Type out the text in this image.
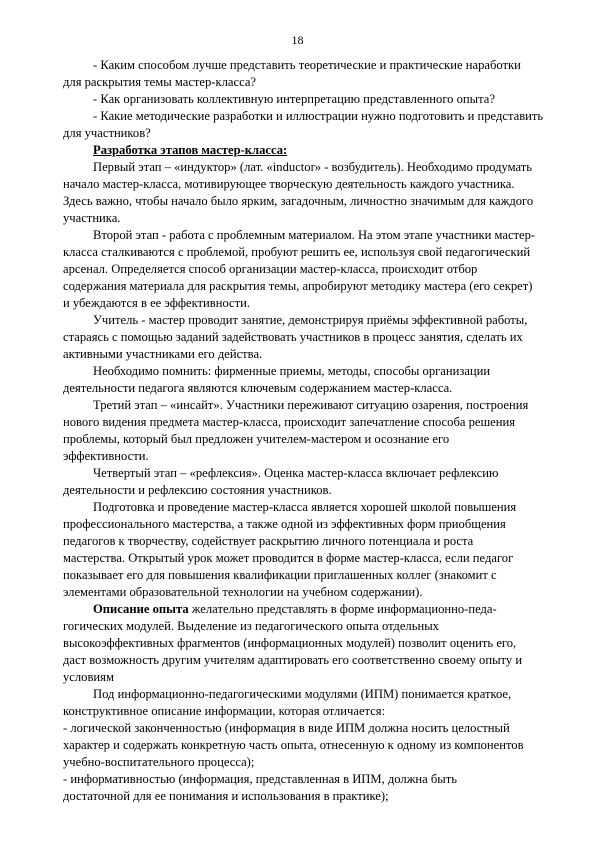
18

- Каким способом лучше представить теоретические и практические наработки

для раскрытия темы мастер-класса?

- Как организовать коллективную интерпретацию представленного опыта?

- Какие методические разработки и иллюстрации нужно подготовить и представить

для участников?

Разработка этапов мастер-класса:

Первый этап – «индуктор» (лат. «inductor» - возбудитель). Необходимо продумать

начало мастер-класса, мотивирующее творческую деятельность каждого участника.

Здесь важно, чтобы начало было ярким, загадочным, личностно значимым для каждого

участника.

Второй этап - работа с проблемным материалом. На этом этапе участники мастер-

класса сталкиваются с проблемой, пробуют решить ее, используя свой педагогический

арсенал. Определяется способ организации мастер-класса, происходит отбор

содержания материала для раскрытия темы, апробируют методику мастера (его секрет)

и убеждаются в ее эффективности.

Учитель - мастер проводит занятие, демонстрируя приёмы эффективной работы,

стараясь с помощью заданий задействовать участников в процесс занятия, сделать их

активными участниками его действа.

Необходимо помнить: фирменные приемы, методы, способы организации

деятельности педагога являются ключевым содержанием мастер-класса.

Третий этап – «инсайт». Участники переживают ситуацию озарения, построения

нового видения предмета мастер-класса, происходит запечатление способа решения

проблемы, который был предложен учителем-мастером и осознание его

эффективности.

Четвертый этап – «рефлексия». Оценка мастер-класса включает рефлексию

деятельности и рефлексию состояния участников.

Подготовка и проведение мастер-класса является хорошей школой повышения

профессионального мастерства, а также одной из эффективных форм приобщения

педагогов к творчеству, содействует раскрытию личного потенциала и роста

мастерства. Открытый урок может проводится в форме мастер-класса, если педагог

показывает его для повышения квалификации приглашенных коллег (знакомит с

элементами образовательной технологии на учебном содержании).

Описание опыта желательно представлять в форме информационно-педа-

гогических модулей. Выделение из педагогического опыта отдельных

высокоэффективных фрагментов (информационных модулей) позволит оценить его,

даст возможность другим учителям адаптировать его соответственно своему опыту и

условиям

Под информационно-педагогическими модулями (ИПМ) понимается краткое,

конструктивное описание информации, которая отличается:

- логической законченностью (информация в виде ИПМ должна носить целостный

характер и содержать конкретную часть опыта, отнесенную к одному из компонентов

учебно-воспитательного процесса);

- информативностью (информация, представленная в ИПМ, должна быть

достаточной для ее понимания и использования в практике);
